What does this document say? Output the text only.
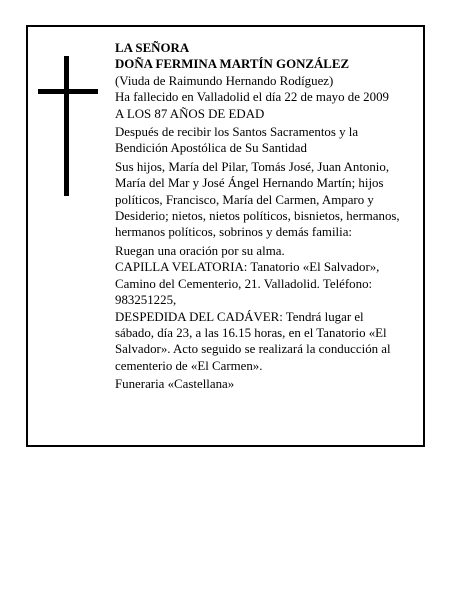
LA SEÑORA
DOÑA FERMINA MARTÍN GONZÁLEZ
(Viuda de Raimundo Hernando Rodíguez)
Ha fallecido en Valladolid el día 22 de mayo de 2009
A LOS 87 AÑOS DE EDAD
Después de recibir los Santos Sacramentos y la
Bendición Apostólica de Su Santidad
Sus hijos, María del Pilar, Tomás José, Juan Antonio,
María del Mar y José Ángel Hernando Martín; hijos
políticos, Francisco, María del Carmen, Amparo y
Desiderio; nietos, nietos políticos, bisnietos, hermanos,
hermanos políticos, sobrinos y demás familia:
Ruegan una oración por su alma.
CAPILLA VELATORIA: Tanatorio «El Salvador»,
Camino del Cementerio, 21. Valladolid. Teléfono:
983251225,
DESPEDIDA DEL CADÁVER: Tendrá lugar el
sábado, día 23, a las 16.15 horas, en el Tanatorio «El
Salvador». Acto seguido se realizará la conducción al
cementerio de «El Carmen».
Funeraria «Castellana»
